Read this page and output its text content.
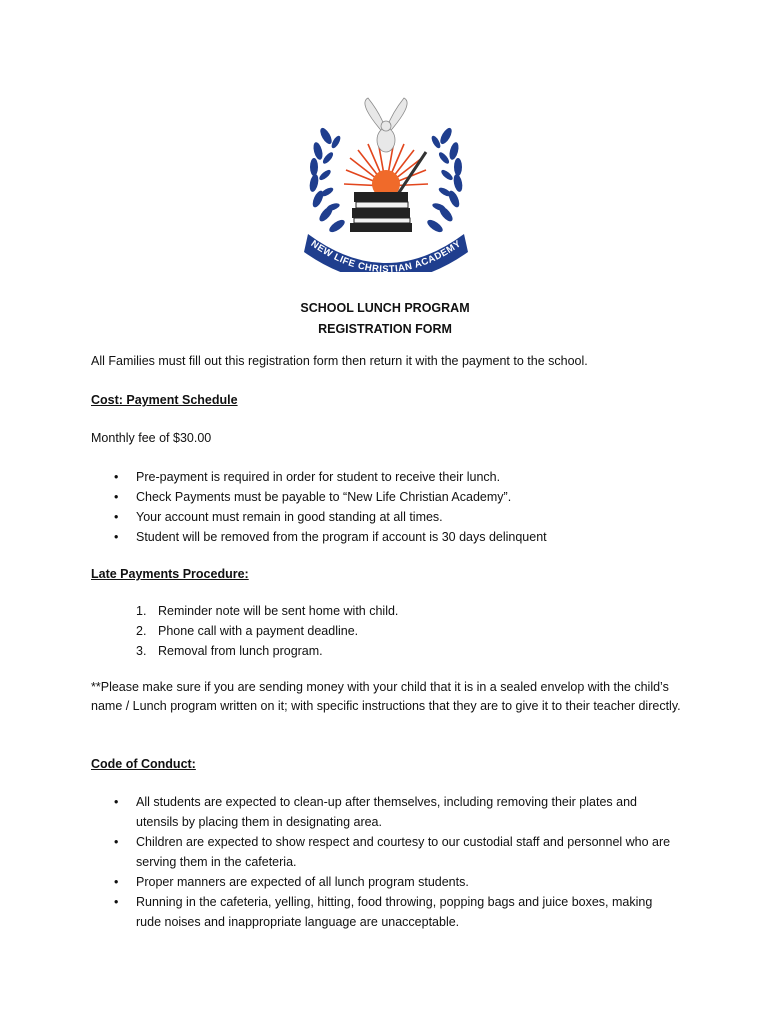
NEW LIFE CHRISTIAN ACADEMY
SCHOOL LUNCH PROGRAM
REGISTRATION FORM
All Families must fill out this registration form then return it with the payment to the school.
Cost: Payment Schedule
Monthly fee of $30.00
• Pre-payment is required in order for student to receive their lunch.
• Check Payments must be payable to “New Life Christian Academy”.
• Your account must remain in good standing at all times.
• Student will be removed from the program if account is 30 days delinquent
Late Payments Procedure:
1. Reminder note will be sent home with child.
2. Phone call with a payment deadline.
3. Removal from lunch program.
**Please make sure if you are sending money with your child that it is in a sealed envelop with the child’s name / Lunch program written on it; with specific instructions that they are to give it to their teacher directly.
Code of Conduct:
• All students are expected to clean-up after themselves, including removing their plates and utensils by placing them in designating area.
• Children are expected to show respect and courtesy to our custodial staff and personnel who are serving them in the cafeteria.
• Proper manners are expected of all lunch program students.
• Running in the cafeteria, yelling, hitting, food throwing, popping bags and juice boxes, making rude noises and inappropriate language are unacceptable.
